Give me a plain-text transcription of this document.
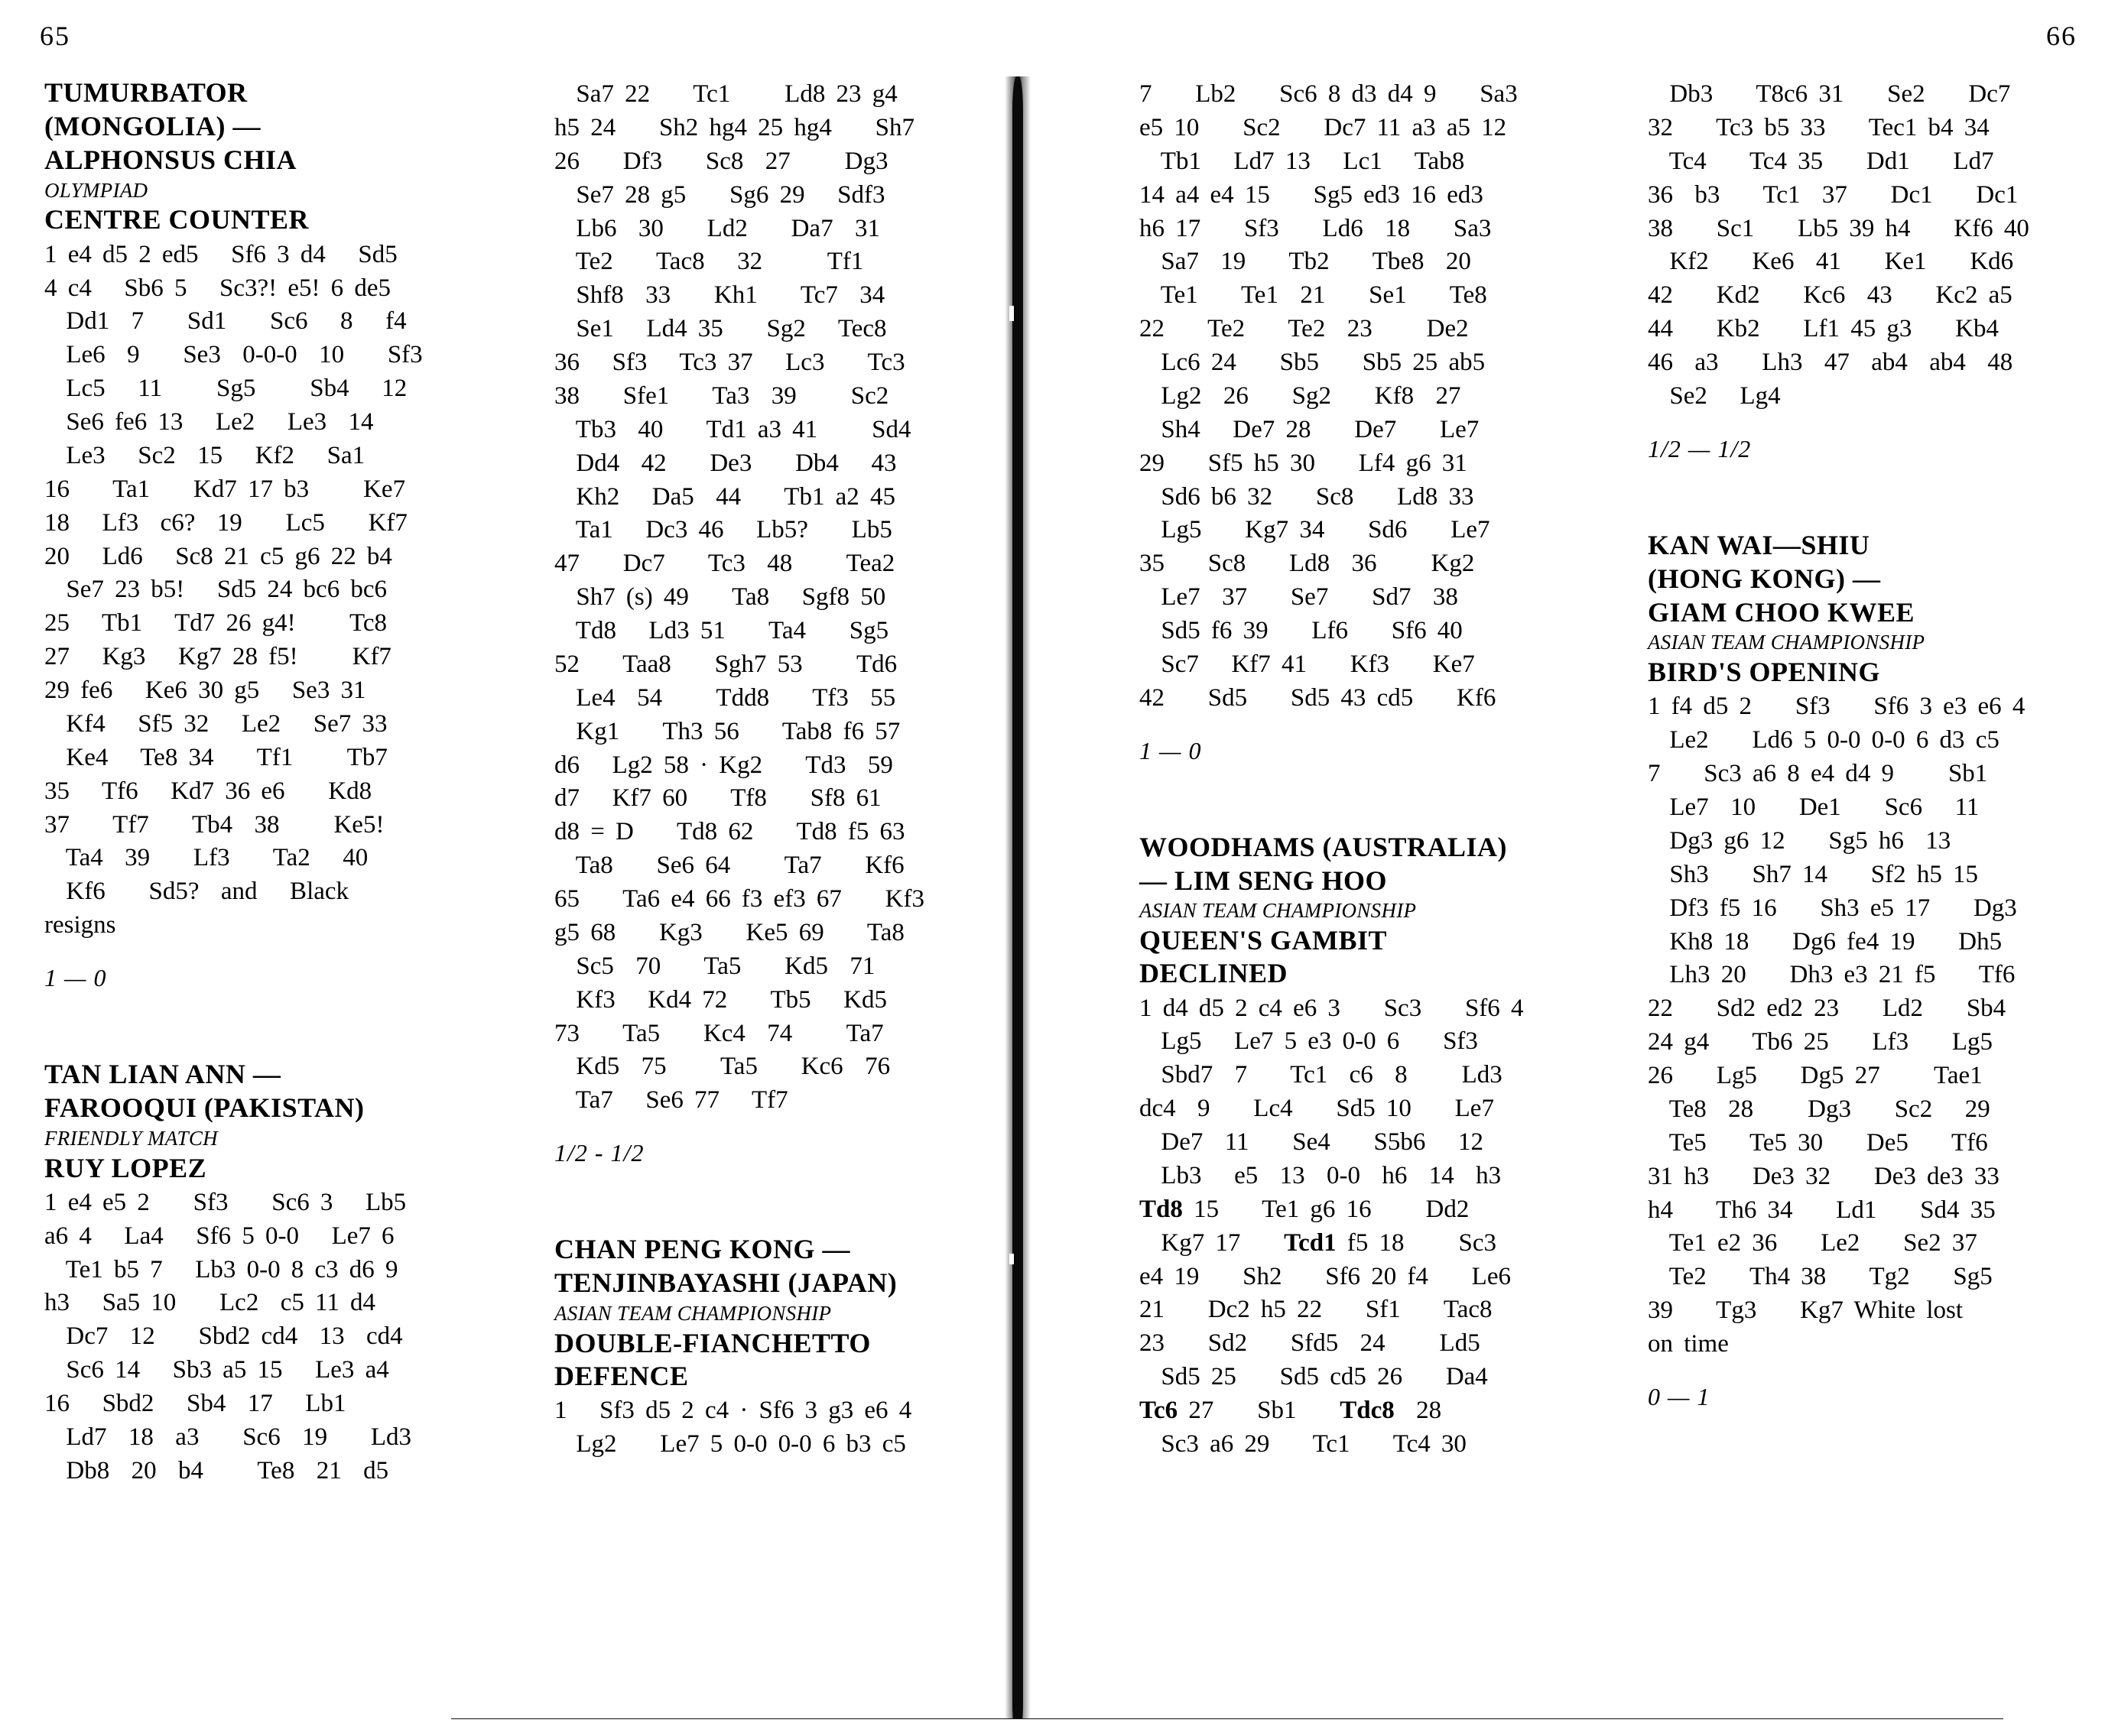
65	66
TUMURBATOR
(MONGOLIA) —
ALPHONSUS CHIA
OLYMPIAD
CENTRE COUNTER
1 e4 d5 2 ed5   Sf6 3 d4   Sd5
4 c4   Sb6 5   Sc3?! e5! 6 de5
Dd1  7    Sd1    Sc6   8   f4
Le6  9    Se3  0-0-0  10    Sf3
Lc5   11     Sg5     Sb4   12
Se6 fe6 13   Le2   Le3  14
Le3   Sc2  15   Kf2   Sa1
16    Ta1    Kd7 17 b3     Ke7
18   Lf3  c6?  19    Lc5    Kf7
20   Ld6   Sc8 21 c5 g6 22 b4
Se7 23 b5!   Sd5 24 bc6 bc6
25   Tb1   Td7 26 g4!     Tc8
27   Kg3   Kg7 28 f5!     Kf7
29 fe6   Ke6 30 g5   Se3 31
Kf4   Sf5 32   Le2   Se7 33
Ke4   Te8 34    Tf1     Tb7
35   Tf6   Kd7 36 e6    Kd8
37    Tf7    Tb4  38     Ke5!
Ta4  39    Lf3    Ta2   40
Kf6    Sd5?  and   Black
resigns
1 — 0
TAN LIAN ANN —
FAROOQUI (PAKISTAN)
FRIENDLY MATCH
RUY LOPEZ
1 e4 e5 2    Sf3    Sc6 3   Lb5
a6 4   La4   Sf6 5 0-0   Le7 6
Te1 b5 7   Lb3 0-0 8 c3 d6 9
h3   Sa5 10    Lc2  c5 11 d4
Dc7  12    Sbd2 cd4  13  cd4
Sc6 14   Sb3 a5 15   Le3 a4
16   Sbd2   Sb4  17   Lb1
Ld7  18  a3    Sc6  19    Ld3
Db8  20  b4     Te8  21  d5
Sa7 22    Tc1     Ld8 23 g4
h5 24    Sh2 hg4 25 hg4    Sh7
26    Df3    Sc8  27     Dg3
Se7 28 g5    Sg6 29   Sdf3
Lb6  30    Ld2    Da7  31
Te2    Tac8   32      Tf1
Shf8  33    Kh1    Tc7  34
Se1   Ld4 35    Sg2   Tec8
36   Sf3   Tc3 37   Lc3    Tc3
38    Sfe1    Ta3  39     Sc2
Tb3  40    Td1 a3 41     Sd4
Dd4  42    De3    Db4   43
Kh2   Da5  44    Tb1 a2 45
Ta1   Dc3 46   Lb5?    Lb5
47    Dc7    Tc3  48     Tea2
Sh7 (s) 49    Ta8   Sgf8 50
Td8   Ld3 51    Ta4    Sg5
52    Taa8    Sgh7 53     Td6
Le4  54     Tdd8    Tf3  55
Kg1    Th3 56    Tab8 f6 57
d6   Lg2 58 · Kg2    Td3  59
d7   Kf7 60    Tf8    Sf8 61
d8 = D    Td8 62    Td8 f5 63
Ta8    Se6 64     Ta7    Kf6
65    Ta6 e4 66 f3 ef3 67    Kf3
g5 68    Kg3    Ke5 69    Ta8
Sc5  70    Ta5    Kd5  71
Kf3   Kd4 72    Tb5   Kd5
73    Ta5    Kc4  74     Ta7
Kd5  75     Ta5    Kc6  76
Ta7   Se6 77   Tf7
1/2 - 1/2
CHAN PENG KONG —
TENJINBAYASHI (JAPAN)
ASIAN TEAM CHAMPIONSHIP
DOUBLE-FIANCHETTO
DEFENCE
1   Sf3 d5 2 c4 · Sf6 3 g3 e6 4
Lg2    Le7 5 0-0 0-0 6 b3 c5
7    Lb2    Sc6 8 d3 d4 9    Sa3
e5 10    Sc2    Dc7 11 a3 a5 12
Tb1   Ld7 13   Lc1   Tab8
14 a4 e4 15    Sg5 ed3 16 ed3
h6 17    Sf3    Ld6  18    Sa3
Sa7  19    Tb2    Tbe8  20
Te1    Te1  21    Se1    Te8
22    Te2    Te2  23     De2
Lc6 24    Sb5    Sb5 25 ab5
Lg2  26    Sg2    Kf8  27
Sh4   De7 28    De7    Le7
29    Sf5 h5 30    Lf4 g6 31
Sd6 b6 32    Sc8    Ld8 33
Lg5    Kg7 34    Sd6    Le7
35    Sc8    Ld8  36     Kg2
Le7  37    Se7    Sd7  38
Sd5 f6 39    Lf6    Sf6 40
Sc7   Kf7 41    Kf3    Ke7
42    Sd5    Sd5 43 cd5    Kf6
1 — 0
WOODHAMS (AUSTRALIA)
— LIM SENG HOO
ASIAN TEAM CHAMPIONSHIP
QUEEN'S GAMBIT
DECLINED
1 d4 d5 2 c4 e6 3    Sc3    Sf6 4
Lg5   Le7 5 e3 0-0 6    Sf3
Sbd7  7    Tc1  c6  8     Ld3
dc4  9    Lc4    Sd5 10    Le7
De7  11    Se4    S5b6   12
Lb3   e5  13  0-0  h6  14  h3
Td8 15    Te1 g6 16     Dd2
Kg7 17    Tcd1 f5 18     Sc3
e4 19    Sh2    Sf6 20 f4    Le6
21    Dc2 h5 22    Sf1    Tac8
23    Sd2    Sfd5  24     Ld5
Sd5 25    Sd5 cd5 26    Da4
Tc6 27    Sb1    Tdc8  28
Sc3 a6 29    Tc1    Tc4 30
Db3    T8c6 31    Se2    Dc7
32    Tc3 b5 33    Tec1 b4 34
Tc4    Tc4 35    Dd1    Ld7
36  b3    Tc1  37    Dc1    Dc1
38    Sc1    Lb5 39 h4    Kf6 40
Kf2    Ke6  41    Ke1    Kd6
42    Kd2    Kc6  43    Kc2 a5
44    Kb2    Lf1 45 g3    Kb4
46  a3    Lh3  47  ab4  ab4  48
Se2   Lg4
1/2 — 1/2
KAN WAI—SHIU
(HONG KONG) —
GIAM CHOO KWEE
ASIAN TEAM CHAMPIONSHIP
BIRD'S OPENING
1 f4 d5 2    Sf3    Sf6 3 e3 e6 4
Le2    Ld6 5 0-0 0-0 6 d3 c5
7    Sc3 a6 8 e4 d4 9     Sb1
Le7  10    De1    Sc6   11
Dg3 g6 12    Sg5 h6  13
Sh3    Sh7 14    Sf2 h5 15
Df3 f5 16    Sh3 e5 17    Dg3
Kh8 18    Dg6 fe4 19    Dh5
Lh3 20    Dh3 e3 21 f5    Tf6
22    Sd2 ed2 23    Ld2    Sb4
24 g4    Tb6 25    Lf3    Lg5
26    Lg5    Dg5 27     Tae1
Te8  28     Dg3    Sc2   29
Te5    Te5 30    De5    Tf6
31 h3    De3 32    De3 de3 33
h4    Th6 34    Ld1    Sd4 35
Te1 e2 36    Le2    Se2 37
Te2    Th4 38    Tg2    Sg5
39    Tg3    Kg7 White lost
on time
0 — 1
